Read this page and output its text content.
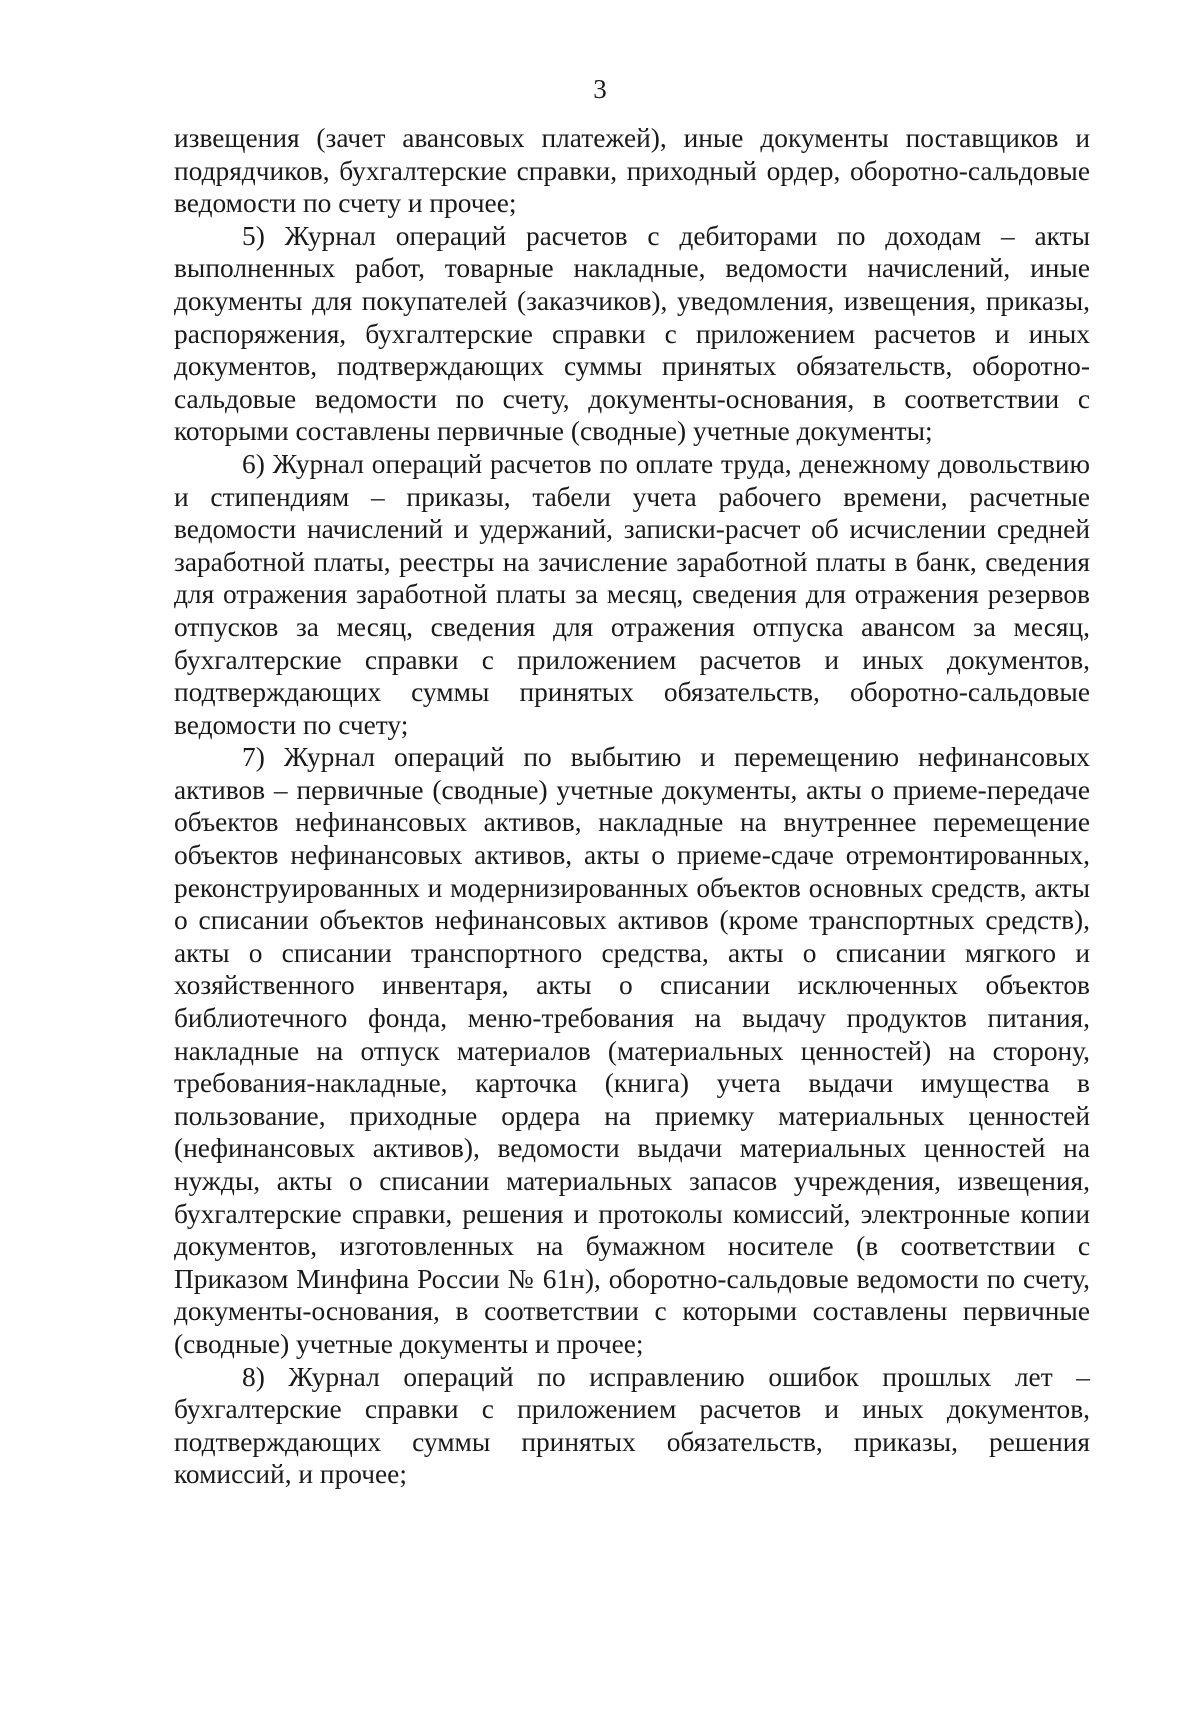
3

извещения (зачет авансовых платежей), иные документы поставщиков и подрядчиков, бухгалтерские справки, приходный ордер, оборотно-сальдовые ведомости по счету и прочее;

5) Журнал операций расчетов с дебиторами по доходам – акты выполненных работ, товарные накладные, ведомости начислений, иные документы для покупателей (заказчиков), уведомления, извещения, приказы, распоряжения, бухгалтерские справки с приложением расчетов и иных документов, подтверждающих суммы принятых обязательств, оборотно-сальдовые ведомости по счету, документы-основания, в соответствии с которыми составлены первичные (сводные) учетные документы;

6) Журнал операций расчетов по оплате труда, денежному довольствию и стипендиям – приказы, табели учета рабочего времени, расчетные ведомости начислений и удержаний, записки-расчет об исчислении средней заработной платы, реестры на зачисление заработной платы в банк, сведения для отражения заработной платы за месяц, сведения для отражения резервов отпусков за месяц, сведения для отражения отпуска авансом за месяц, бухгалтерские справки с приложением расчетов и иных документов, подтверждающих суммы принятых обязательств, оборотно-сальдовые ведомости по счету;

7) Журнал операций по выбытию и перемещению нефинансовых активов – первичные (сводные) учетные документы, акты о приеме-передаче объектов нефинансовых активов, накладные на внутреннее перемещение объектов нефинансовых активов, акты о приеме-сдаче отремонтированных, реконструированных и модернизированных объектов основных средств, акты о списании объектов нефинансовых активов (кроме транспортных средств), акты о списании транспортного средства, акты о списании мягкого и хозяйственного инвентаря, акты о списании исключенных объектов библиотечного фонда, меню-требования на выдачу продуктов питания, накладные на отпуск материалов (материальных ценностей) на сторону, требования-накладные, карточка (книга) учета выдачи имущества в пользование, приходные ордера на приемку материальных ценностей (нефинансовых активов), ведомости выдачи материальных ценностей на нужды, акты о списании материальных запасов учреждения, извещения, бухгалтерские справки, решения и протоколы комиссий, электронные копии документов, изготовленных на бумажном носителе (в соответствии с Приказом Минфина России № 61н), оборотно-сальдовые ведомости по счету, документы-основания, в соответствии с которыми составлены первичные (сводные) учетные документы и прочее;

8) Журнал операций по исправлению ошибок прошлых лет – бухгалтерские справки с приложением расчетов и иных документов, подтверждающих суммы принятых обязательств, приказы, решения комиссий, и прочее;
